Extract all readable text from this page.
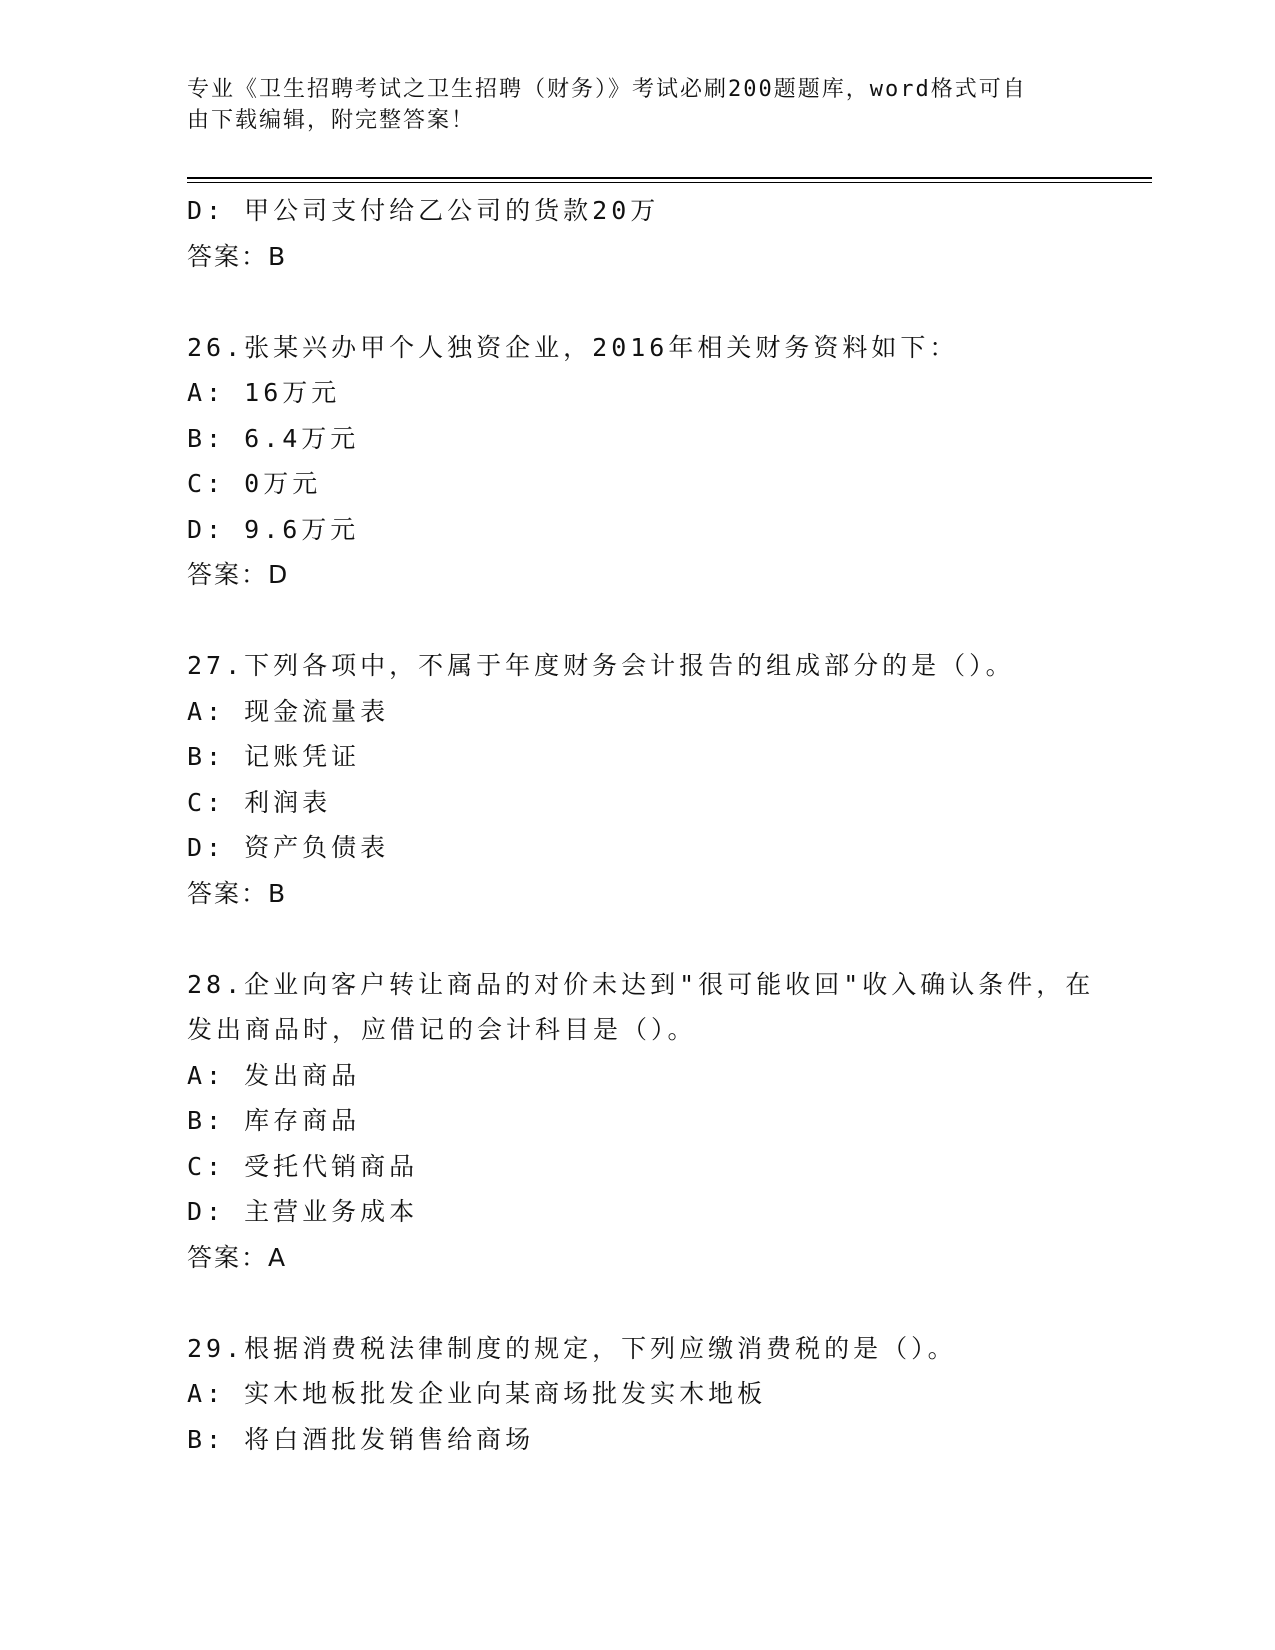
专业《卫生招聘考试之卫生招聘（财务）》考试必刷200题题库，word格式可自
由下载编辑，附完整答案！
D: 甲公司支付给乙公司的货款20万
答案：B
26.张某兴办甲个人独资企业，2016年相关财务资料如下：
A: 16万元
B: 6.4万元
C: 0万元
D: 9.6万元
答案：D
27.下列各项中，不属于年度财务会计报告的组成部分的是（）。
A: 现金流量表
B: 记账凭证
C: 利润表
D: 资产负债表
答案：B
28.企业向客户转让商品的对价未达到"很可能收回"收入确认条件，在
发出商品时，应借记的会计科目是（）。
A: 发出商品
B: 库存商品
C: 受托代销商品
D: 主营业务成本
答案：A
29.根据消费税法律制度的规定，下列应缴消费税的是（）。
A: 实木地板批发企业向某商场批发实木地板
B: 将白酒批发销售给商场
